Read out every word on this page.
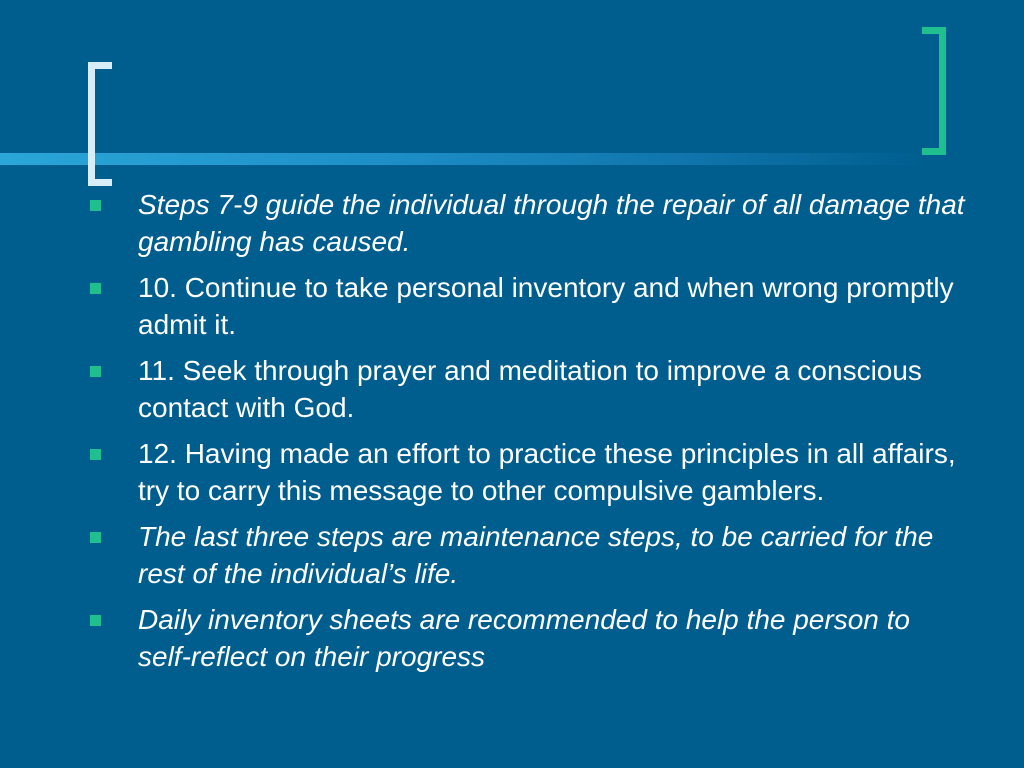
Steps 7-9 guide the individual through the repair of all damage that gambling has caused.
10. Continue to take personal inventory and when wrong promptly admit it.
11. Seek through prayer and meditation to improve a conscious contact with God.
12. Having made an effort to practice these principles in all affairs, try to carry this message to other compulsive gamblers.
The last three steps are maintenance steps, to be carried for the rest of the individual’s life.
Daily inventory sheets are recommended to help the person to self-reflect on their progress
